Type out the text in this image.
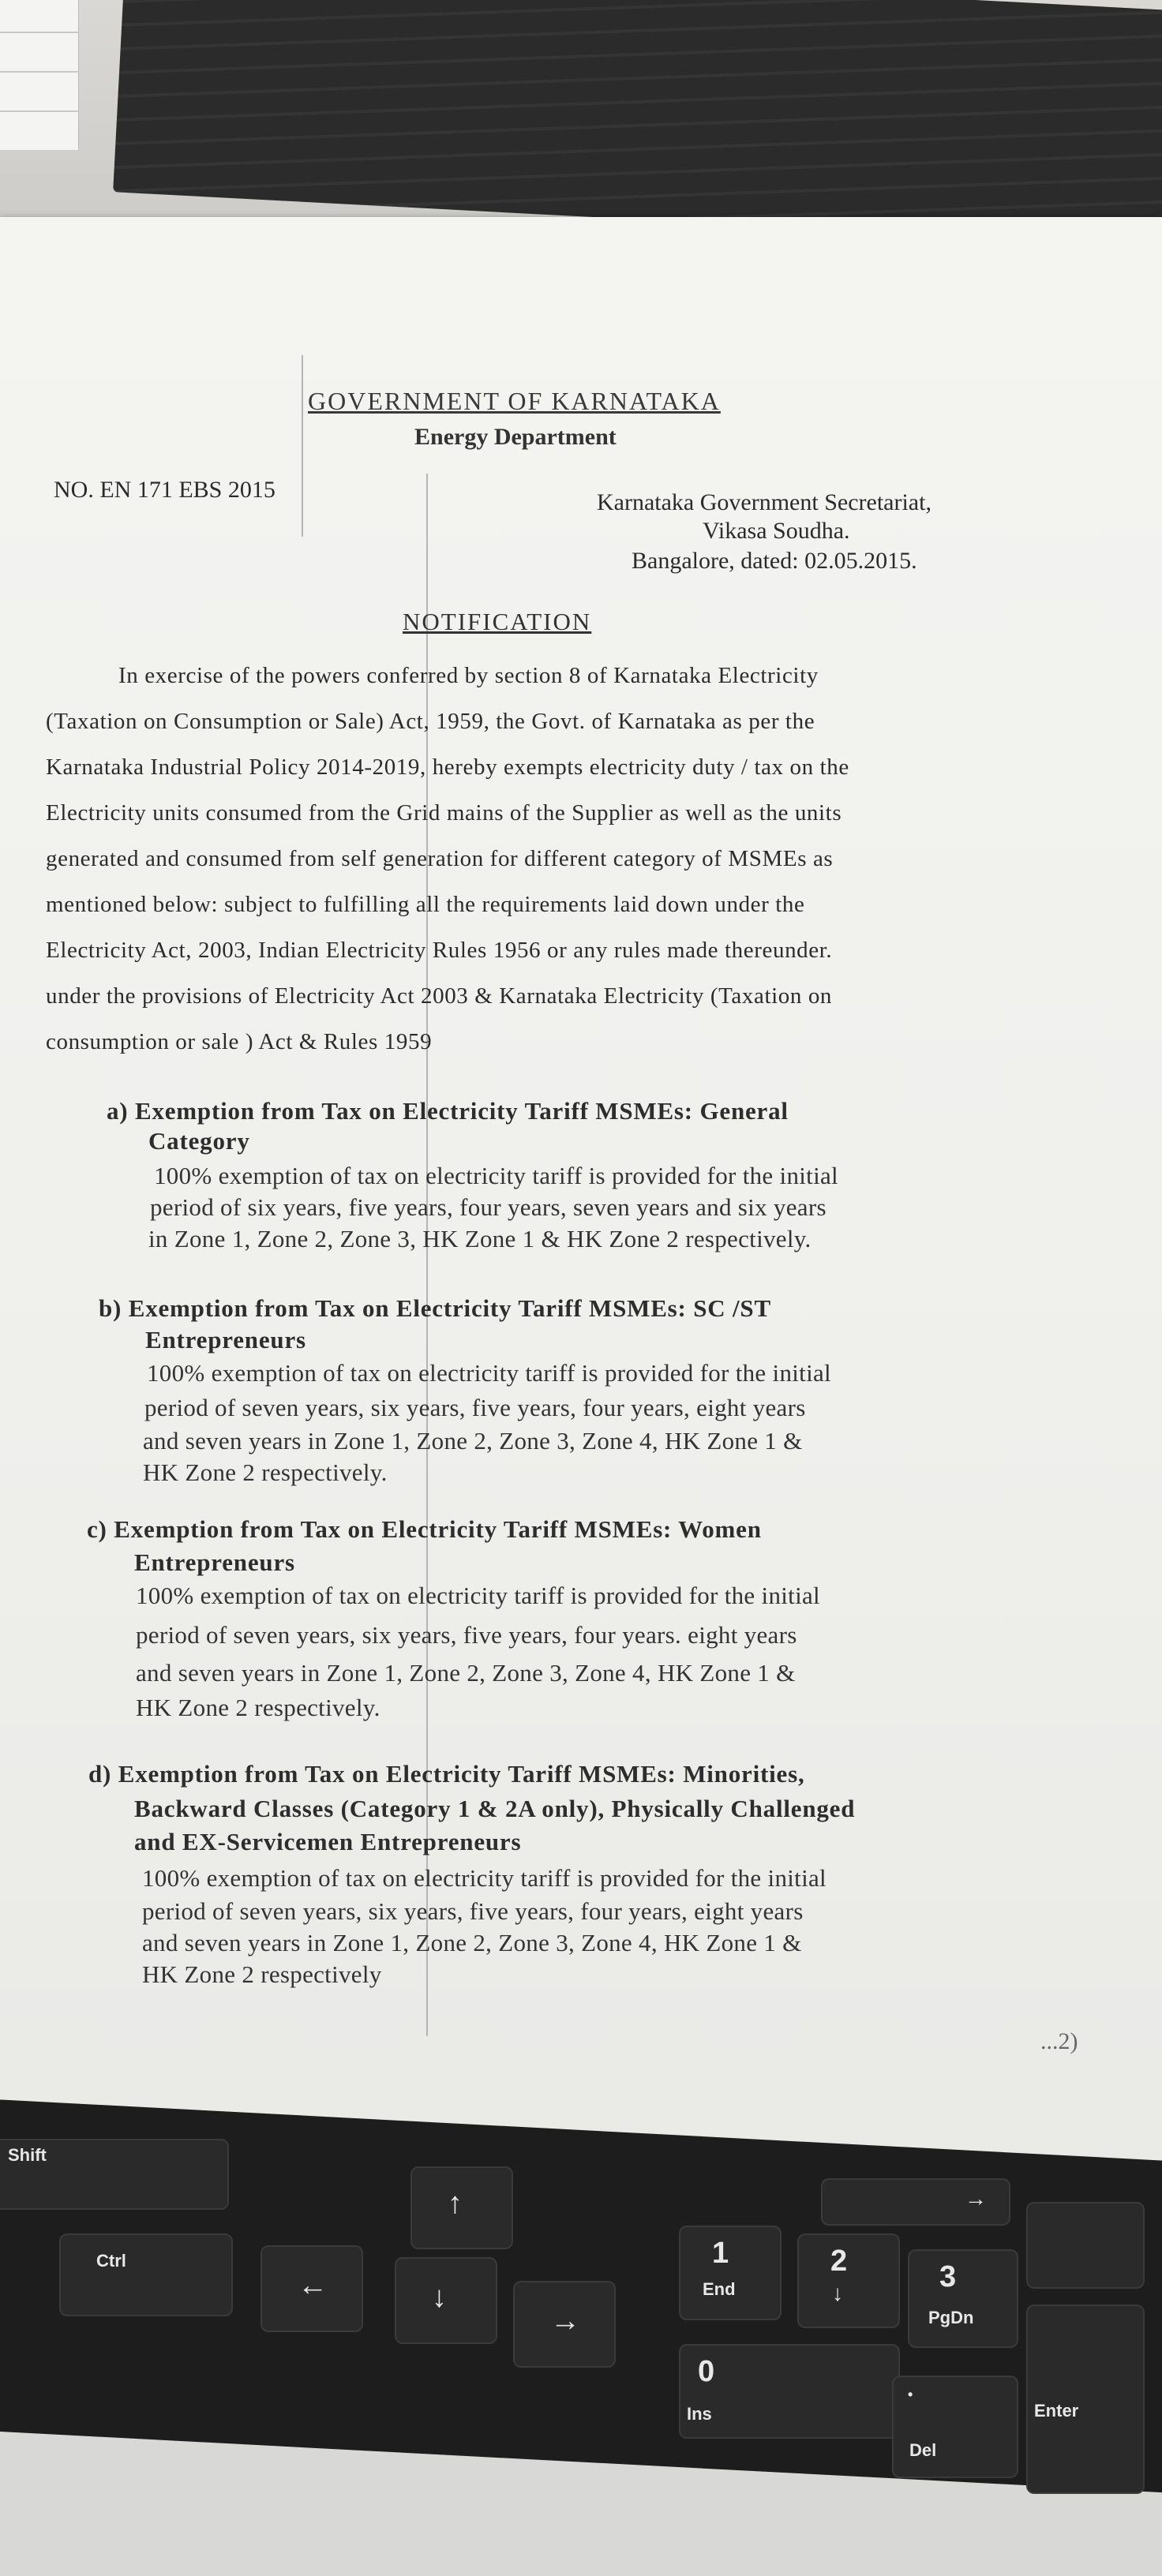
GOVERNMENT OF KARNATAKA
Energy Department
NO. EN 171 EBS 2015	Karnataka Government Secretariat,
Vikasa Soudha.
Bangalore, dated: 02.05.2015.
NOTIFICATION
In exercise of the powers conferred by section 8 of Karnataka Electricity
(Taxation on Consumption or Sale) Act, 1959, the Govt. of Karnataka as per the
Karnataka Industrial Policy 2014-2019, hereby exempts electricity duty / tax on the
Electricity units consumed from the Grid mains of the Supplier as well as the units
generated and consumed from self generation for different category of MSMEs as
mentioned below: subject to fulfilling all the requirements laid down under the
Electricity Act, 2003, Indian Electricity Rules 1956 or any rules made thereunder.
under the provisions of Electricity Act 2003 & Karnataka Electricity (Taxation on
consumption or sale ) Act & Rules 1959
a) Exemption from Tax on Electricity Tariff MSMEs: General
Category
100% exemption of tax on electricity tariff is provided for the initial
period of six years, five years, four years, seven years and six years
in Zone 1, Zone 2, Zone 3, HK Zone 1 & HK Zone 2 respectively.
b) Exemption from Tax on Electricity Tariff MSMEs: SC /ST
Entrepreneurs
100% exemption of tax on electricity tariff is provided for the initial
period of seven years, six years, five years, four years, eight years
and seven years in Zone 1, Zone 2, Zone 3, Zone 4, HK Zone 1 &
HK Zone 2 respectively.
c) Exemption from Tax on Electricity Tariff MSMEs: Women
Entrepreneurs
100% exemption of tax on electricity tariff is provided for the initial
period of seven years, six years, five years, four years. eight years
and seven years in Zone 1, Zone 2, Zone 3, Zone 4, HK Zone 1 &
HK Zone 2 respectively.
d) Exemption from Tax on Electricity Tariff MSMEs: Minorities,
Backward Classes (Category 1 & 2A only), Physically Challenged
and EX-Servicemen Entrepreneurs
100% exemption of tax on electricity tariff is provided for the initial
period of seven years, six years, five years, four years, eight years
and seven years in Zone 1, Zone 2, Zone 3, Zone 4, HK Zone 1 &
HK Zone 2 respectively
...2)
Shift
Ctrl
←	↓
↑
→
1
End
2
↓	3
PgDn
0
Ins
•
Del
Enter
→
